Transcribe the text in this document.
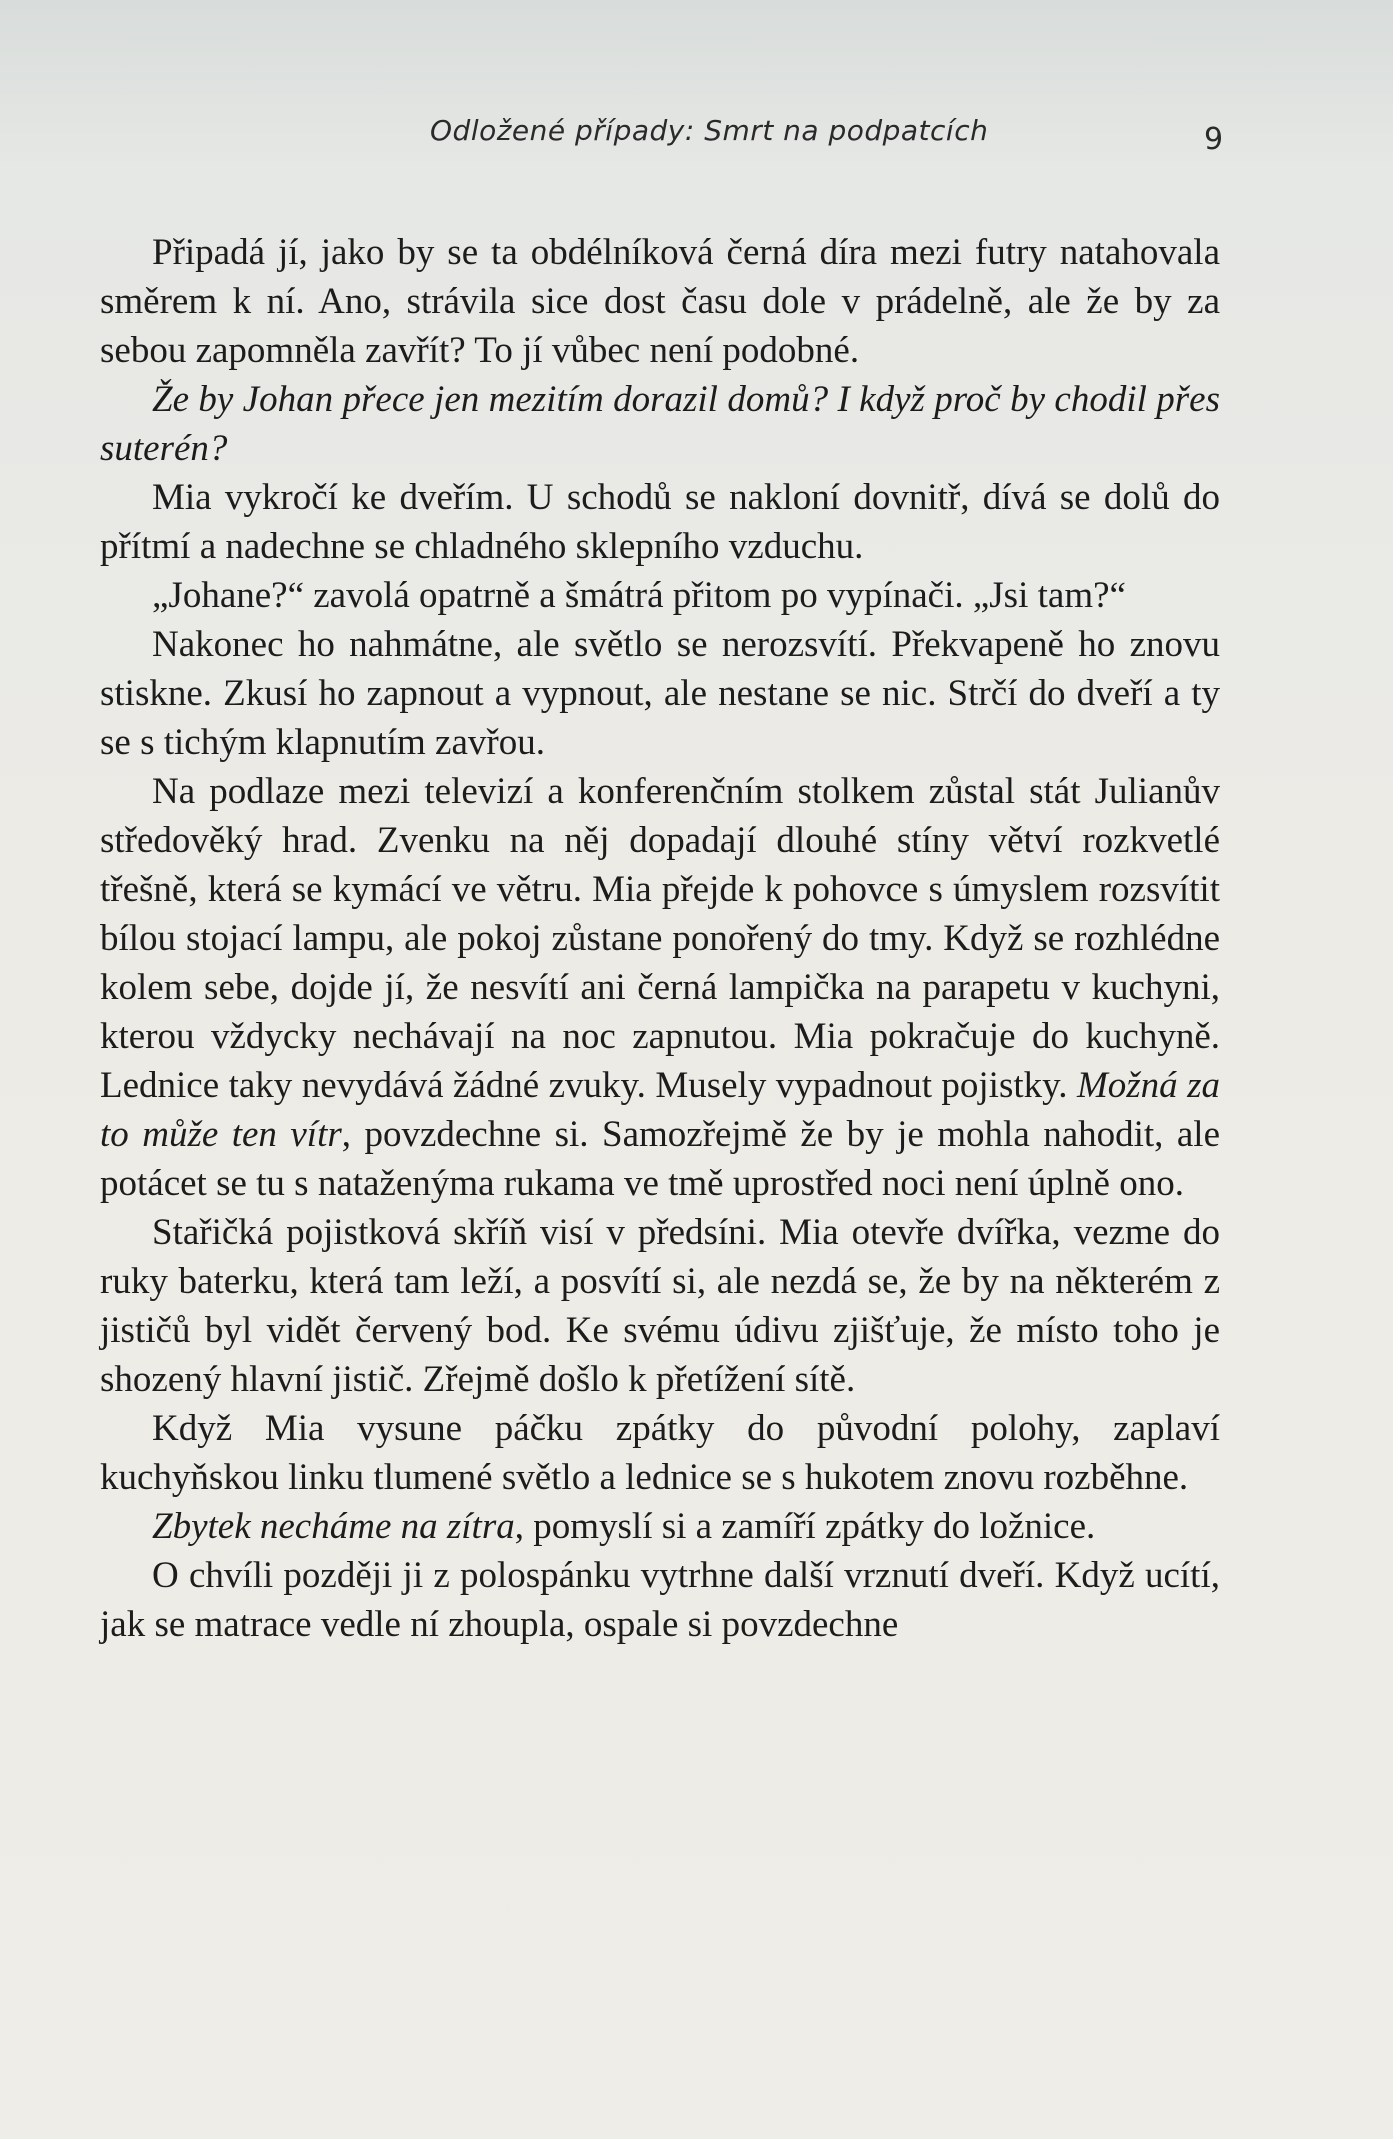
Odložené případy: Smrt na podpatcích	9

Připadá jí, jako by se ta obdélníková černá díra mezi futry natahovala směrem k ní. Ano, strávila sice dost času dole v prádelně, ale že by za sebou zapomněla zavřít? To jí vůbec není podobné.

Že by Johan přece jen mezitím dorazil domů? I když proč by chodil přes suterén?

Mia vykročí ke dveřím. U schodů se nakloní dovnitř, dívá se dolů do přítmí a nadechne se chladného sklepního vzduchu.

„Johane?“ zavolá opatrně a šmátrá přitom po vypínači. „Jsi tam?“

Nakonec ho nahmátne, ale světlo se nerozsvítí. Překvapeně ho znovu stiskne. Zkusí ho zapnout a vypnout, ale nestane se nic. Strčí do dveří a ty se s tichým klapnutím zavřou.

Na podlaze mezi televizí a konferenčním stolkem zůstal stát Julianův středověký hrad. Zvenku na něj dopadají dlouhé stíny větví rozkvetlé třešně, která se kymácí ve větru. Mia přejde k pohovce s úmyslem rozsvítit bílou stojací lampu, ale pokoj zůstane ponořený do tmy. Když se rozhlédne kolem sebe, dojde jí, že nesvítí ani černá lampička na parapetu v kuchyni, kterou vždycky nechávají na noc zapnutou. Mia pokračuje do kuchyně. Lednice taky nevydává žádné zvuky. Musely vypadnout pojistky. Možná za to může ten vítr, povzdechne si. Samozřejmě že by je mohla nahodit, ale potácet se tu s nataženýma rukama ve tmě uprostřed noci není úplně ono.

Stařičká pojistková skříň visí v předsíni. Mia otevře dvířka, vezme do ruky baterku, která tam leží, a posvítí si, ale nezdá se, že by na některém z jističů byl vidět červený bod. Ke svému údivu zjišťuje, že místo toho je shozený hlavní jistič. Zřejmě došlo k přetížení sítě.

Když Mia vysune páčku zpátky do původní polohy, zaplaví kuchyňskou linku tlumené světlo a lednice se s hukotem znovu rozběhne.

Zbytek necháme na zítra, pomyslí si a zamíří zpátky do ložnice.

O chvíli později ji z polospánku vytrhne další vrznutí dveří. Když ucítí, jak se matrace vedle ní zhoupla, ospale si povzdechne
